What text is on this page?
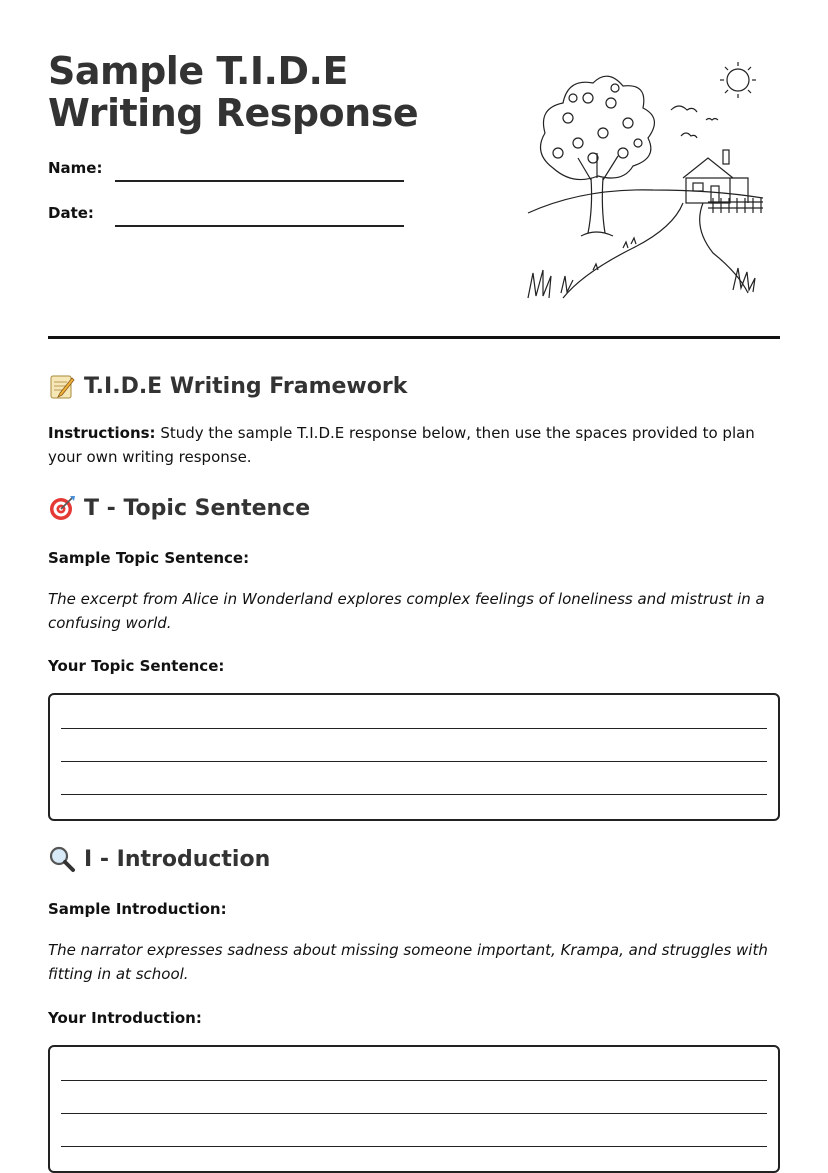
Sample T.I.D.E Writing Response
Name:
Date:
T.I.D.E Writing Framework

Instructions: Study the sample T.I.D.E response below, then use the spaces provided to plan your own writing response.

T - Topic Sentence

Sample Topic Sentence:

The excerpt from Alice in Wonderland explores complex feelings of loneliness and mistrust in a confusing world.

Your Topic Sentence:

I - Introduction

Sample Introduction:

The narrator expresses sadness about missing someone important, Krampa, and struggles with fitting in at school.

Your Introduction:
